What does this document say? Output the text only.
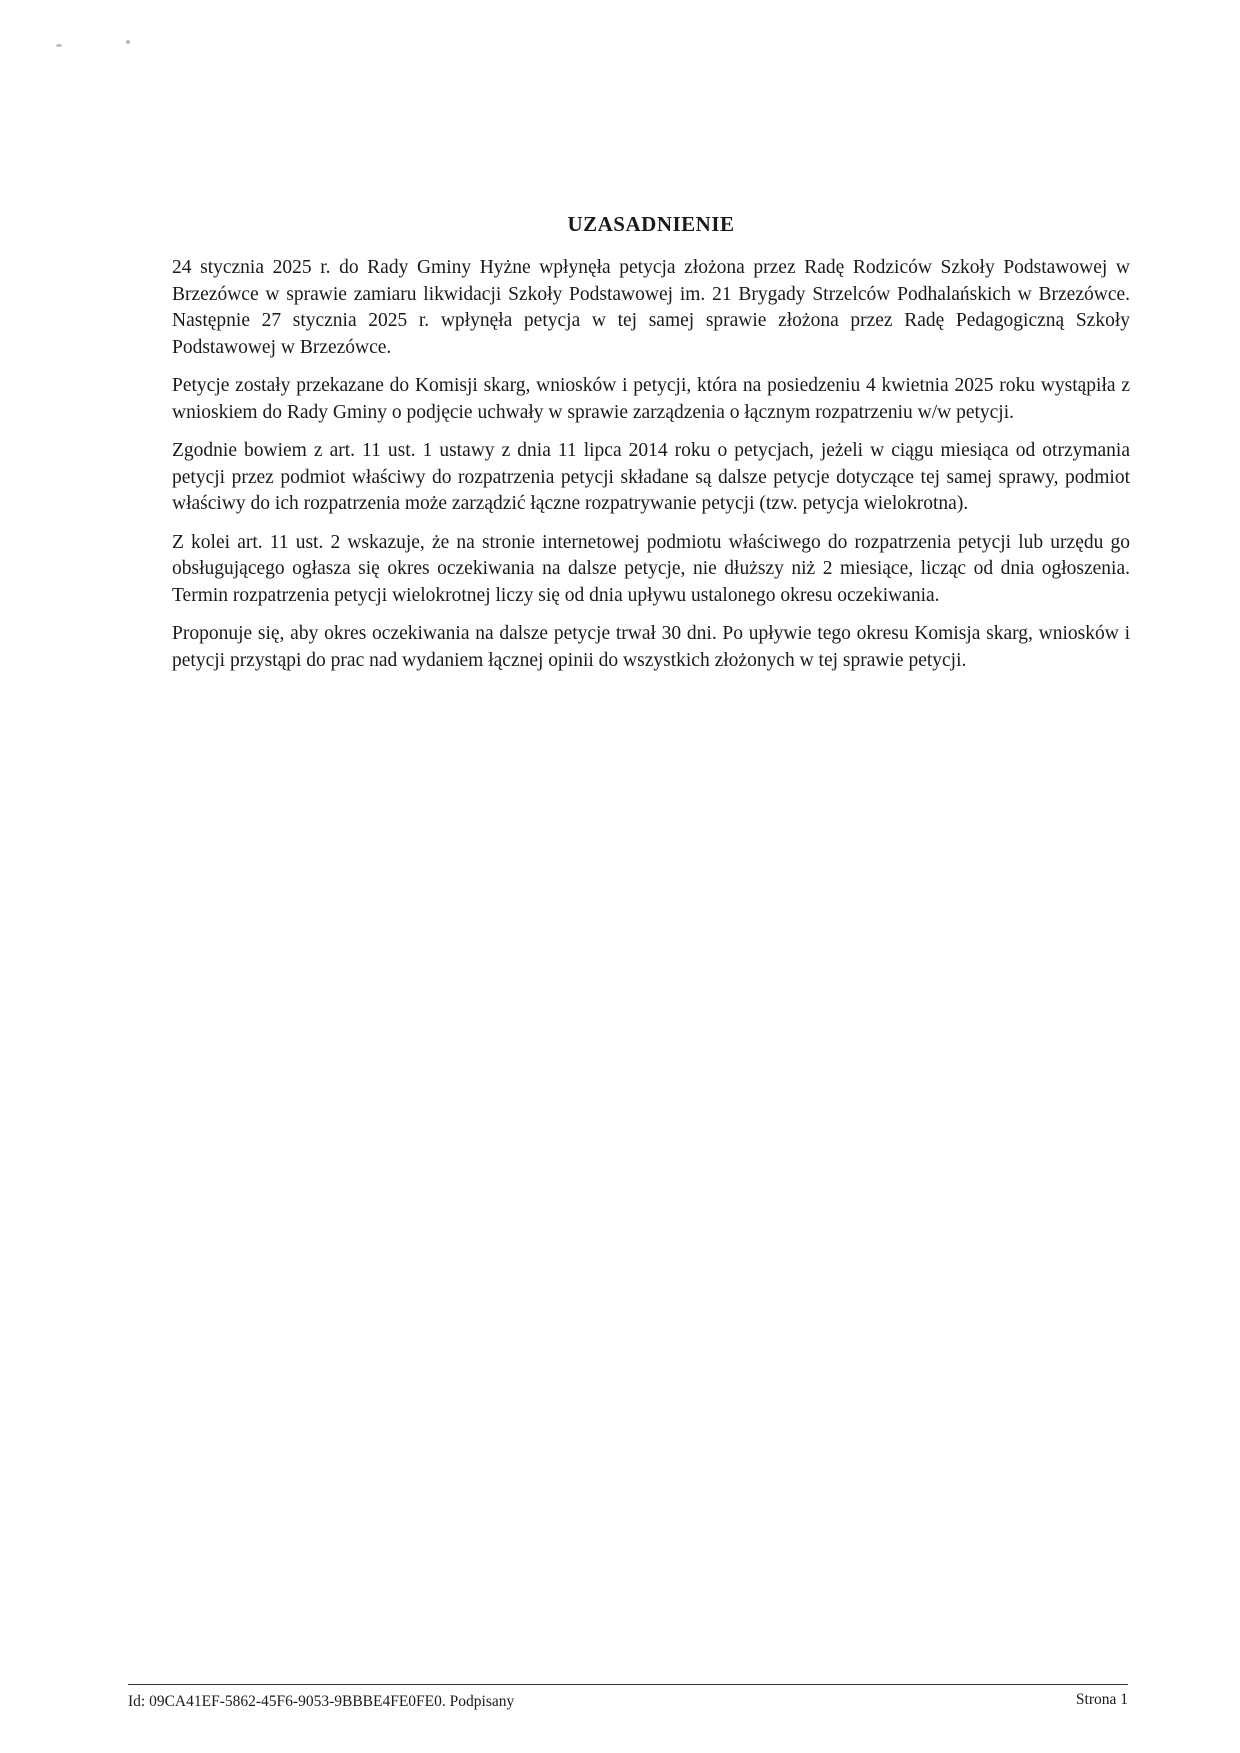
UZASADNIENIE

24 stycznia 2025 r. do Rady Gminy Hyżne wpłynęła petycja złożona przez Radę Rodziców Szkoły Podstawowej w Brzezówce w sprawie zamiaru likwidacji Szkoły Podstawowej im. 21 Brygady Strzelców Podhalańskich w Brzezówce. Następnie 27 stycznia 2025 r. wpłynęła petycja w tej samej sprawie złożona przez Radę Pedagogiczną Szkoły Podstawowej w Brzezówce.

Petycje zostały przekazane do Komisji skarg, wniosków i petycji, która na posiedzeniu 4 kwietnia 2025 roku wystąpiła z wnioskiem do Rady Gminy o podjęcie uchwały w sprawie zarządzenia o łącznym rozpatrzeniu w/w petycji.

Zgodnie bowiem z art. 11 ust. 1 ustawy z dnia 11 lipca 2014 roku o petycjach, jeżeli w ciągu miesiąca od otrzymania petycji przez podmiot właściwy do rozpatrzenia petycji składane są dalsze petycje dotyczące tej samej sprawy, podmiot właściwy do ich rozpatrzenia może zarządzić łączne rozpatrywanie petycji (tzw. petycja wielokrotna).

Z kolei art. 11 ust. 2 wskazuje, że na stronie internetowej podmiotu właściwego do rozpatrzenia petycji lub urzędu go obsługującego ogłasza się okres oczekiwania na dalsze petycje, nie dłuższy niż 2 miesiące, licząc od dnia ogłoszenia. Termin rozpatrzenia petycji wielokrotnej liczy się od dnia upływu ustalonego okresu oczekiwania.

Proponuje się, aby okres oczekiwania na dalsze petycje trwał 30 dni. Po upływie tego okresu Komisja skarg, wniosków i petycji przystąpi do prac nad wydaniem łącznej opinii do wszystkich złożonych w tej sprawie petycji.

Id: 09CA41EF-5862-45F6-9053-9BBBE4FE0FE0. Podpisany	Strona 1
